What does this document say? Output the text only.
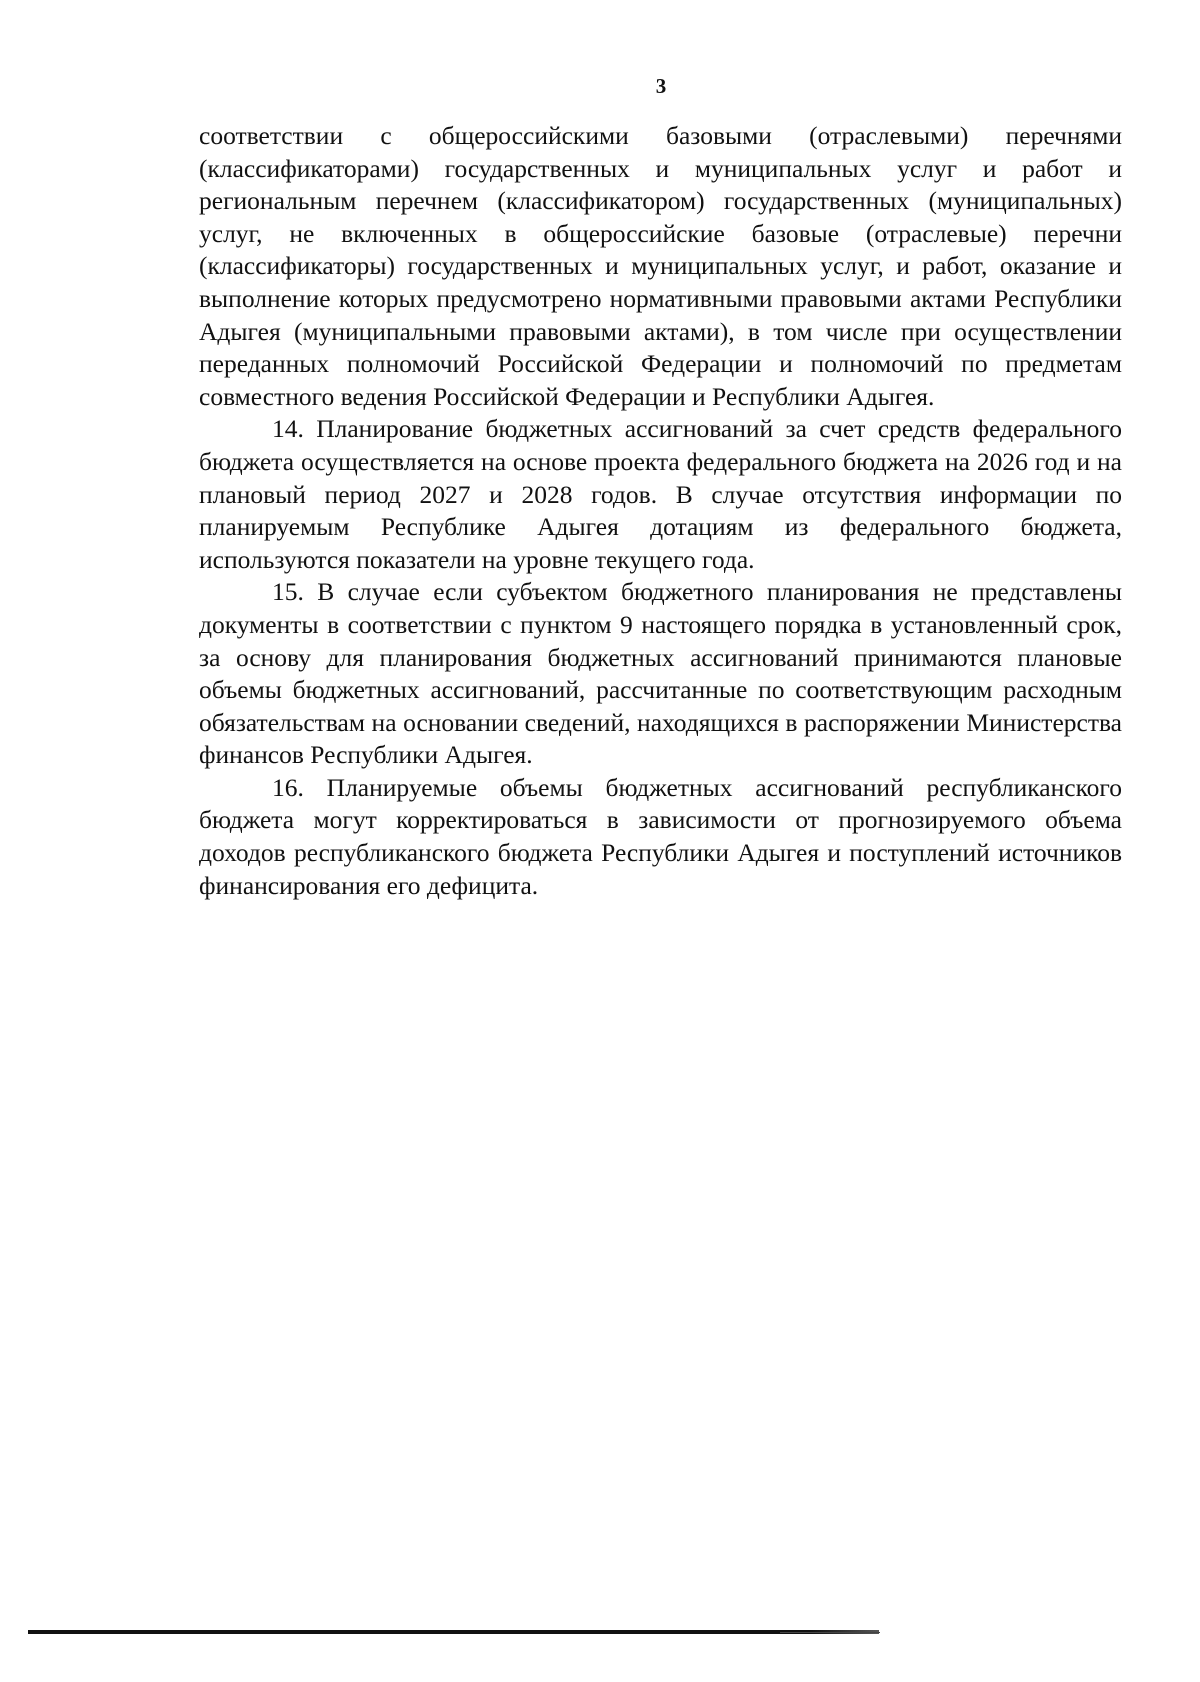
3

соответствии с общероссийскими базовыми (отраслевыми) перечнями (классификаторами) государственных и муниципальных услуг и работ и региональным перечнем (классификатором) государственных (муниципальных) услуг, не включенных в общероссийские базовые (отраслевые) перечни (классификаторы) государственных и муниципальных услуг, и работ, оказание и выполнение которых предусмотрено нормативными правовыми актами Республики Адыгея (муниципальными правовыми актами), в том числе при осуществлении переданных полномочий Российской Федерации и полномочий по предметам совместного ведения Российской Федерации и Республики Адыгея.

14. Планирование бюджетных ассигнований за счет средств федерального бюджета осуществляется на основе проекта федерального бюджета на 2026 год и на плановый период 2027 и 2028 годов. В случае отсутствия информации по планируемым Республике Адыгея дотациям из федерального бюджета, используются показатели на уровне текущего года.

15. В случае если субъектом бюджетного планирования не представлены документы в соответствии с пунктом 9 настоящего порядка в установленный срок, за основу для планирования бюджетных ассигнований принимаются плановые объемы бюджетных ассигнований, рассчитанные по соответствующим расходным обязательствам на основании сведений, находящихся в распоряжении Министерства финансов Республики Адыгея.

16. Планируемые объемы бюджетных ассигнований республиканского бюджета могут корректироваться в зависимости от прогнозируемого объема доходов республиканского бюджета Республики Адыгея и поступлений источников финансирования его дефицита.
